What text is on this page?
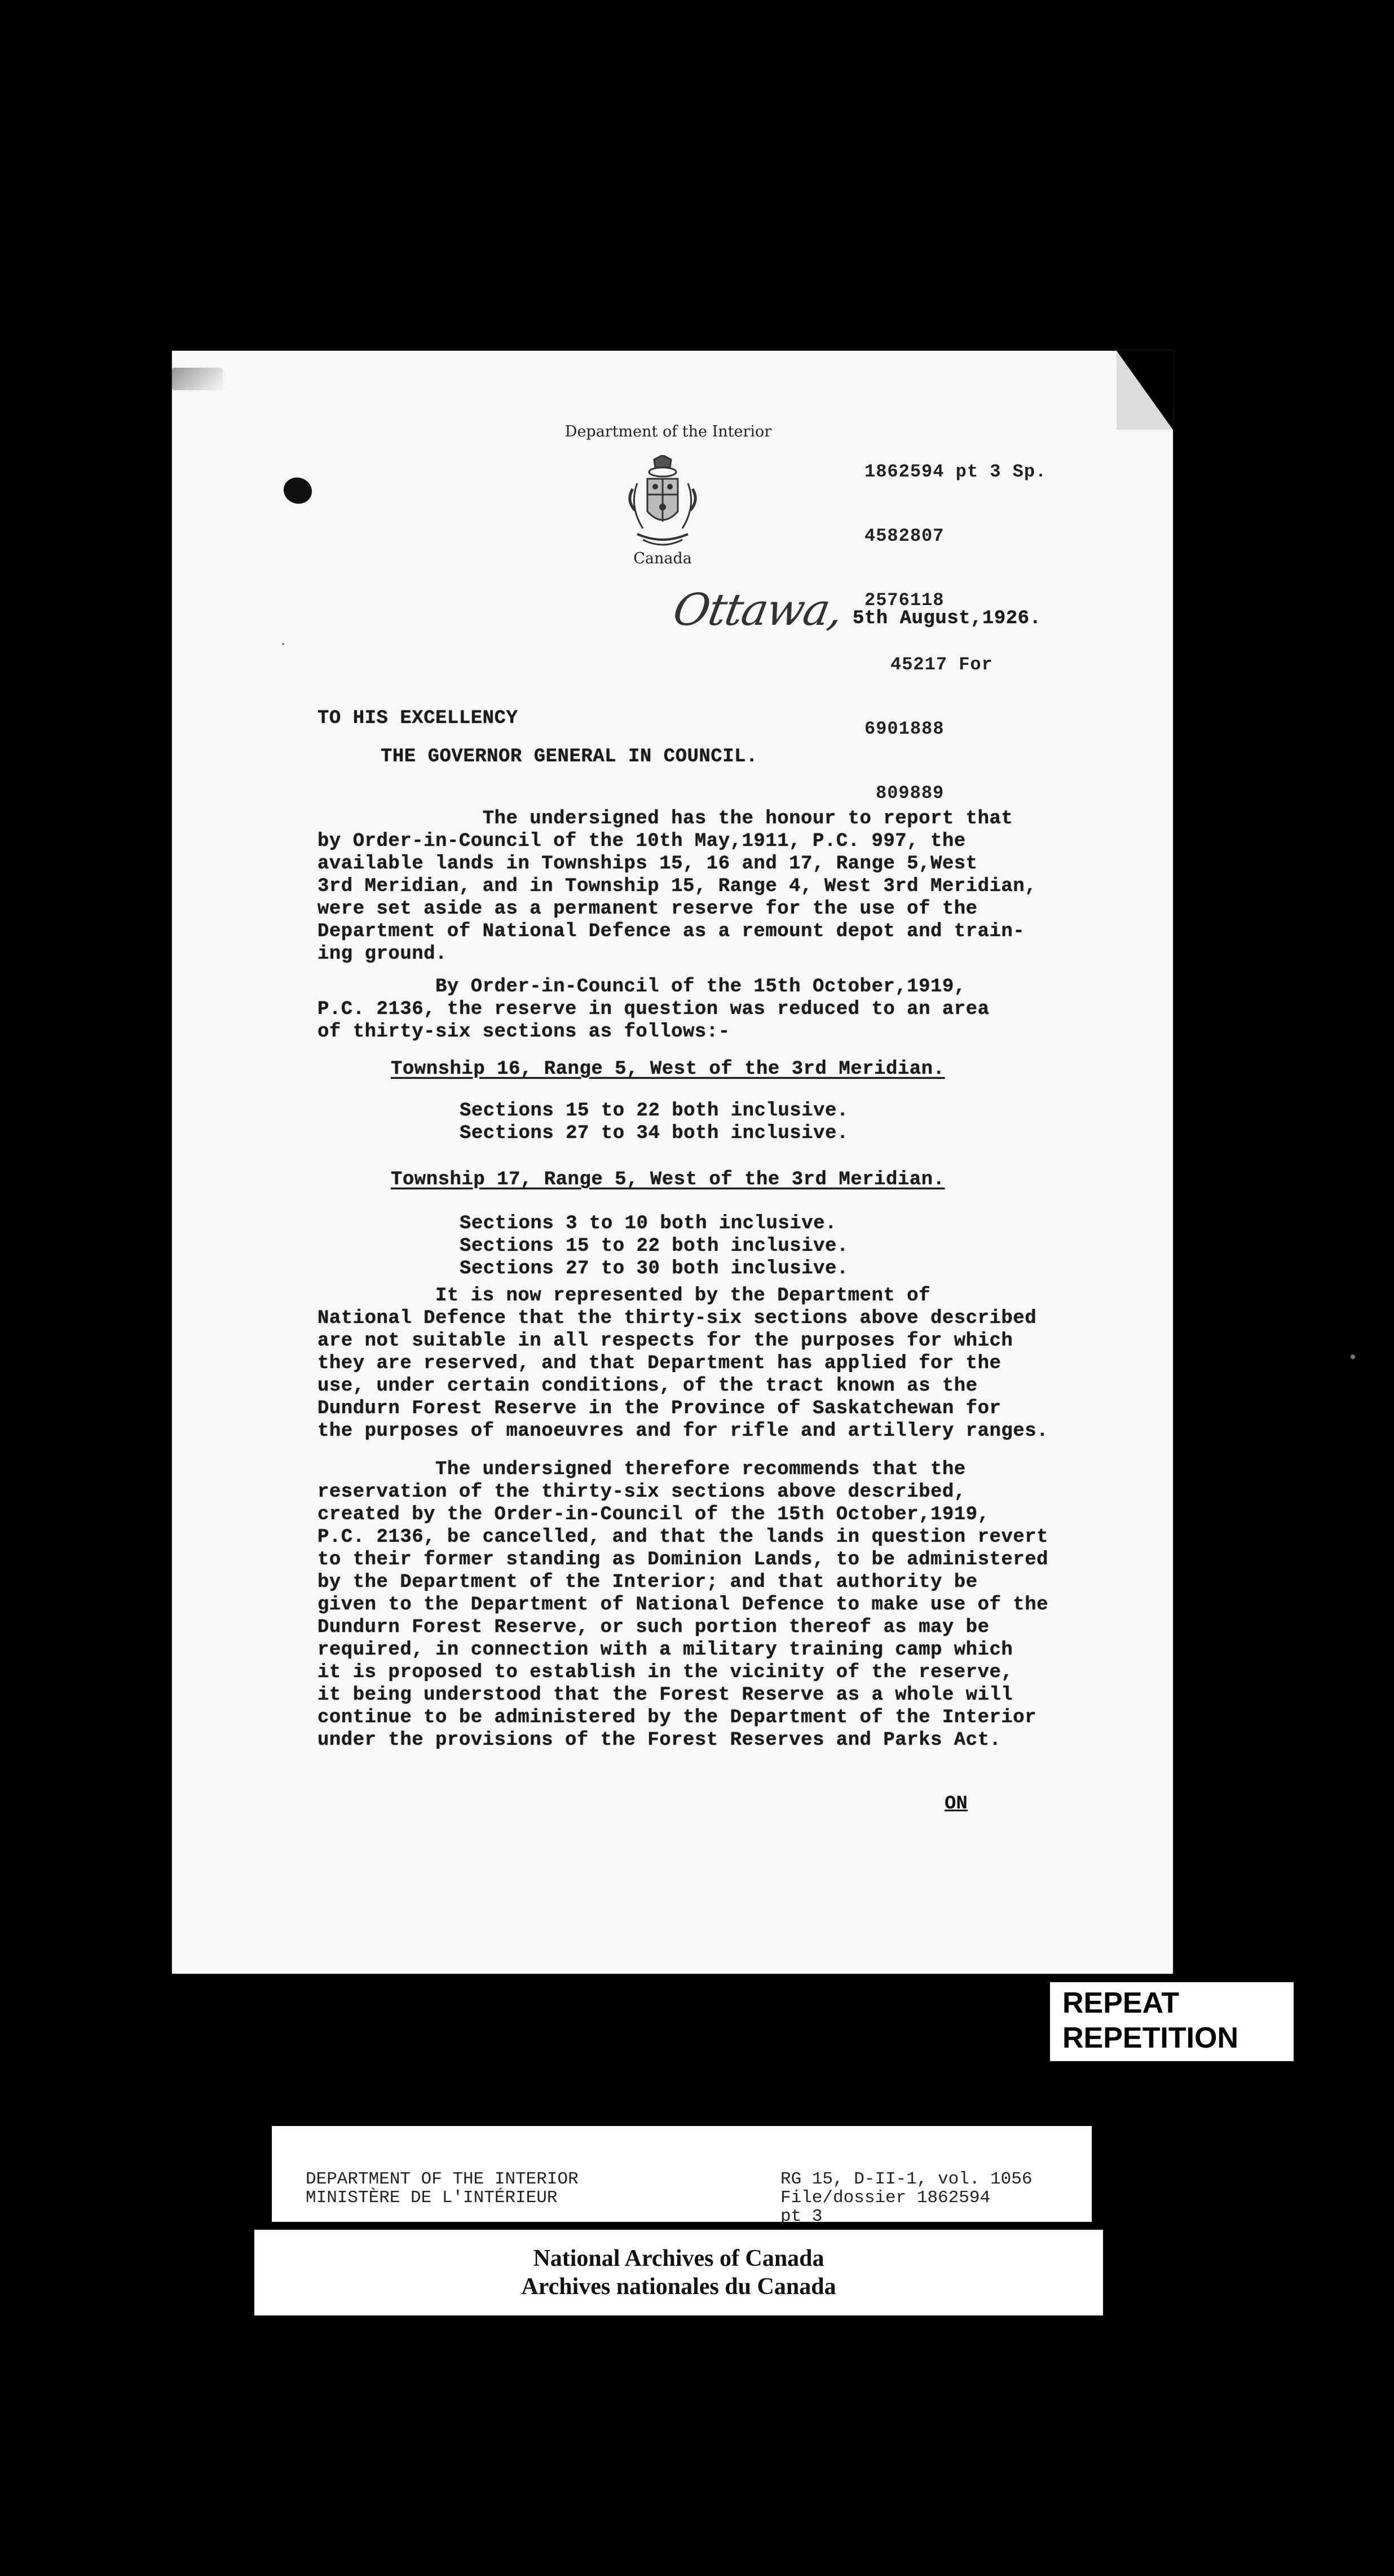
Department of the Interior
Canada

1862594 pt 3 Sp.

4582807

2576118

45217 For

6901888

809889

Ottawa, 5th August,1926.
TO HIS EXCELLENCY
THE GOVERNOR GENERAL IN COUNCIL.
The undersigned has the honour to report that
by Order-in-Council of the 10th May,1911, P.C. 997, the
available lands in Townships 15, 16 and 17, Range 5,West
3rd Meridian, and in Township 15, Range 4, West 3rd Meridian,
were set aside as a permanent reserve for the use of the
Department of National Defence as a remount depot and train-
ing ground.
By Order-in-Council of the 15th October,1919,
P.C. 2136, the reserve in question was reduced to an area
of thirty-six sections as follows:-
Township 16, Range 5, West of the 3rd Meridian.
Sections 15 to 22 both inclusive.
Sections 27 to 34 both inclusive.
Township 17, Range 5, West of the 3rd Meridian.
Sections 3 to 10 both inclusive.
Sections 15 to 22 both inclusive.
Sections 27 to 30 both inclusive.
It is now represented by the Department of
National Defence that the thirty-six sections above described
are not suitable in all respects for the purposes for which
they are reserved, and that Department has applied for the
use, under certain conditions, of the tract known as the
Dundurn Forest Reserve in the Province of Saskatchewan for
the purposes of manoeuvres and for rifle and artillery ranges.
The undersigned therefore recommends that the
reservation of the thirty-six sections above described,
created by the Order-in-Council of the 15th October,1919,
P.C. 2136, be cancelled, and that the lands in question revert
to their former standing as Dominion Lands, to be administered
by the Department of the Interior; and that authority be
given to the Department of National Defence to make use of the
Dundurn Forest Reserve, or such portion thereof as may be
required, in connection with a military training camp which
it is proposed to establish in the vicinity of the reserve,
it being understood that the Forest Reserve as a whole will
continue to be administered by the Department of the Interior
under the provisions of the Forest Reserves and Parks Act.
ON
REPEAT
REPETITION
DEPARTMENT OF THE INTERIOR
MINISTÈRE DE L'INTÉRIEUR
RG 15, D-II-1, vol. 1056
File/dossier 1862594
pt 3
National Archives of Canada
Archives nationales du Canada
